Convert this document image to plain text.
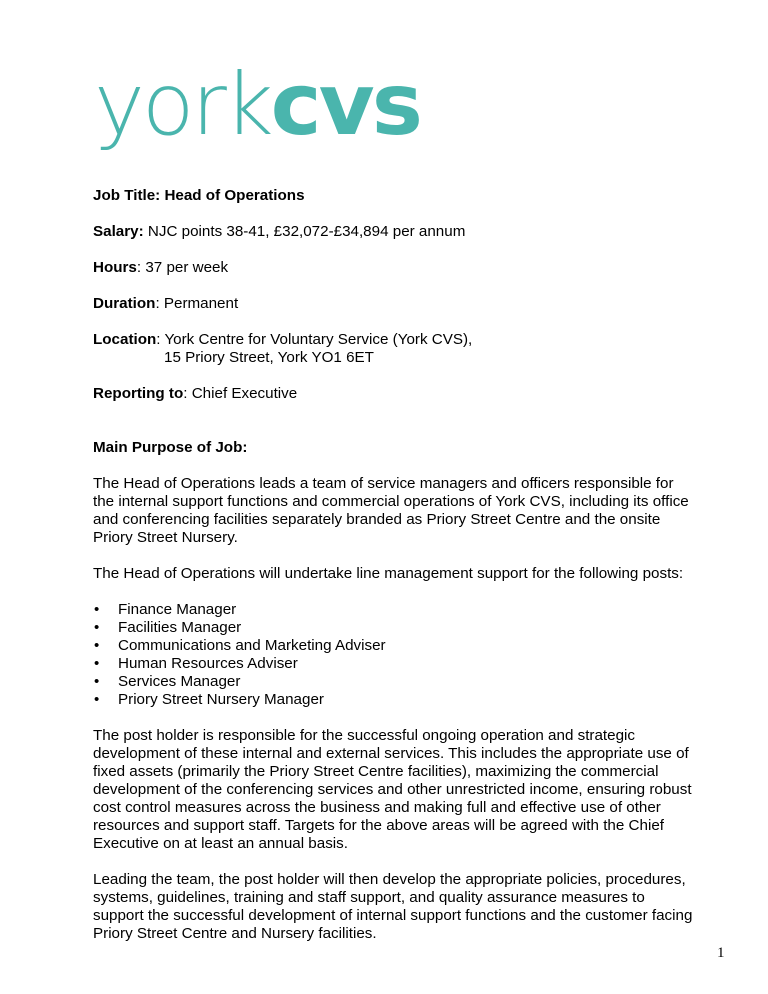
yorkcvs

Job Title: Head of Operations

Salary: NJC points 38-41, £32,072-£34,894 per annum

Hours: 37 per week

Duration: Permanent

Location: York Centre for Voluntary Service (York CVS),

15 Priory Street, York YO1 6ET

Reporting to: Chief Executive

Main Purpose of Job:

The Head of Operations leads a team of service managers and officers responsible for the internal support functions and commercial operations of York CVS, including its office and conferencing facilities separately branded as Priory Street Centre and the onsite Priory Street Nursery.

The Head of Operations will undertake line management support for the following posts:

• Finance Manager
• Facilities Manager
• Communications and Marketing Adviser
• Human Resources Adviser
• Services Manager
• Priory Street Nursery Manager

The post holder is responsible for the successful ongoing operation and strategic development of these internal and external services. This includes the appropriate use of fixed assets (primarily the Priory Street Centre facilities), maximizing the commercial development of the conferencing services and other unrestricted income, ensuring robust cost control measures across the business and making full and effective use of other resources and support staff. Targets for the above areas will be agreed with the Chief Executive on at least an annual basis.

Leading the team, the post holder will then develop the appropriate policies, procedures, systems, guidelines, training and staff support, and quality assurance measures to support the successful development of internal support functions and the customer facing Priory Street Centre and Nursery facilities.

1
